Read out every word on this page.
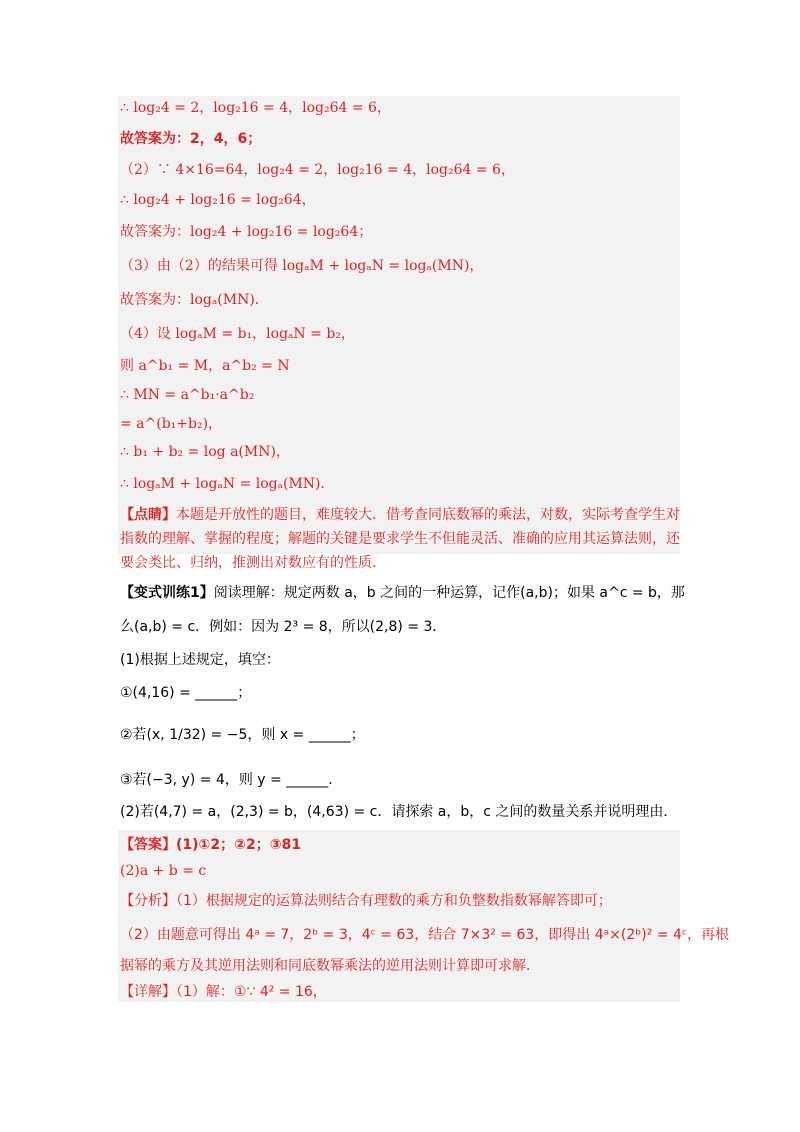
∴ log₂4 = 2，log₂16 = 4，log₂64 = 6，
故答案为：2，4，6；
（2）∵ 4×16=64，log₂4 = 2，log₂16 = 4，log₂64 = 6，
∴ log₂4 + log₂16 = log₂64，
故答案为：log₂4 + log₂16 = log₂64；
（3）由（2）的结果可得 logₐM + logₐN = logₐ(MN)，
故答案为：logₐ(MN)．
（4）设 logₐM = b₁，logₐN = b₂，
则 a^b₁ = M，a^b₂ = N
∴ MN = a^b₁·a^b₂
= a^(b₁+b₂)，
∴ b₁ + b₂ = log a(MN)，
∴ logₐM + logₐN = logₐ(MN)．
【点睛】本题是开放性的题目，难度较大．借考查同底数幂的乘法，对数，实际考查学生对指数的理解、掌握的程度；解题的关键是要求学生不但能灵活、准确的应用其运算法则，还要会类比、归纳，推测出对数应有的性质．
【变式训练1】阅读理解：规定两数 a，b 之间的一种运算，记作(a,b)；如果 a^c = b，那
么(a,b) = c．例如：因为 2³ = 8，所以(2,8) = 3．
(1)根据上述规定，填空：
①(4,16) = ______；
②若(x, 1/32) = −5，则 x = ______；
③若(−3, y) = 4，则 y = ______．
(2)若(4,7) = a，(2,3) = b，(4,63) = c．请探索 a，b，c 之间的数量关系并说明理由．
【答案】(1)①2；②2；③81
(2)a + b = c
【分析】（1）根据规定的运算法则结合有理数的乘方和负整数指数幂解答即可；
（2）由题意可得出 4ᵃ = 7，2ᵇ = 3，4ᶜ = 63，结合 7×3² = 63，即得出 4ᵃ×(2ᵇ)² = 4ᶜ，再根
据幂的乘方及其逆用法则和同底数幂乘法的逆用法则计算即可求解．
【详解】（1）解：①∵ 4² = 16，
